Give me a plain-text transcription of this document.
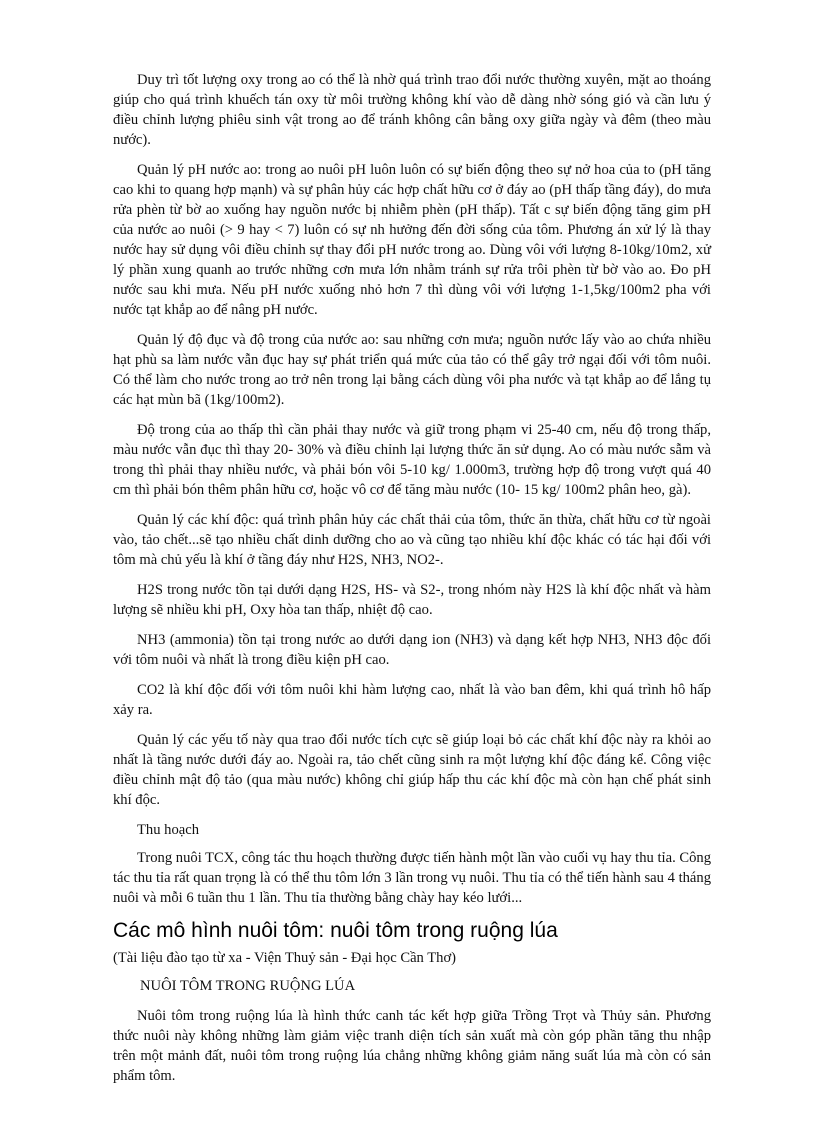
Duy trì tốt lượng oxy trong ao có thể là nhờ quá trình trao đổi nước thường xuyên, mặt ao thoáng giúp cho quá trình khuếch tán oxy từ môi trường không khí vào dễ dàng nhờ sóng gió và cần lưu ý điều chỉnh lượng phiêu sinh vật trong ao để tránh không cân bằng oxy giữa ngày và đêm (theo màu nước).

Quản lý pH nước ao: trong ao nuôi pH luôn luôn có sự biến động theo sự nở hoa của to (pH tăng cao khi to quang hợp mạnh) và sự phân hủy các hợp chất hữu cơ ở đáy ao (pH thấp tầng đáy), do mưa rửa phèn từ bờ ao xuống hay nguồn nước bị nhiễm phèn (pH thấp). Tất c sự biến động tăng gim pH của nước ao nuôi (> 9 hay < 7) luôn có sự nh hưởng đến đời sống của tôm. Phương án xử lý là thay nước hay sử dụng vôi điều chỉnh sự thay đổi pH nước trong ao. Dùng vôi với lượng 8-10kg/10m2, xử lý phần xung quanh ao trước những cơn mưa lớn nhằm tránh sự rửa trôi phèn từ bờ vào ao. Đo pH nước sau khi mưa. Nếu pH nước xuống nhỏ hơn 7 thì dùng vôi với lượng 1-1,5kg/100m2 pha với nước tạt khắp ao để nâng pH nước.

Quản lý độ đục và độ trong của nước ao: sau những cơn mưa; nguồn nước lấy vào ao chứa nhiều hạt phù sa làm nước vẫn đục hay sự phát triển quá mức của tảo có thể gây trở ngại đối với tôm nuôi. Có thể làm cho nước trong ao trở nên trong lại bằng cách dùng vôi pha nước và tạt khắp ao để lắng tụ các hạt mùn bã (1kg/100m2).

Độ trong của ao thấp thì cần phải thay nước và giữ trong phạm vi 25-40 cm, nếu độ trong thấp, màu nước vẫn đục thì thay 20- 30% và điều chỉnh lại lượng thức ăn sử dụng. Ao có màu nước sẫm và trong thì phải thay nhiều nước, và phải bón vôi 5-10 kg/ 1.000m3, trường hợp độ trong vượt quá 40 cm thì phải bón thêm phân hữu cơ, hoặc vô cơ để tăng màu nước (10- 15 kg/ 100m2 phân heo, gà).

Quản lý các khí độc: quá trình phân hủy các chất thải của tôm, thức ăn thừa, chất hữu cơ từ ngoài vào, tảo chết...sẽ tạo nhiều chất dinh dưỡng cho ao và cũng tạo nhiều khí độc khác có tác hại đối với tôm mà chủ yếu là khí ở tầng đáy như H2S, NH3, NO2-.

H2S trong nước tồn tại dưới dạng H2S, HS- và S2-, trong nhóm này H2S là khí độc nhất và hàm lượng sẽ nhiều khi pH, Oxy hòa tan thấp, nhiệt độ cao.

NH3 (ammonia) tồn tại trong nước ao dưới dạng ion (NH3) và dạng kết hợp NH3, NH3 độc đối với tôm nuôi và nhất là trong điều kiện pH cao.

CO2 là khí độc đối với tôm nuôi khi hàm lượng cao, nhất là vào ban đêm, khi quá trình hô hấp xảy ra.

Quản lý các yếu tố này qua trao đổi nước tích cực sẽ giúp loại bỏ các chất khí độc này ra khỏi ao nhất là tầng nước dưới đáy ao. Ngoài ra, tảo chết cũng sinh ra một lượng khí độc đáng kể. Công việc điều chỉnh mật độ tảo (qua màu nước) không chỉ giúp hấp thu các khí độc mà còn hạn chế phát sinh khí độc.

Thu hoạch

Trong nuôi TCX, công tác thu hoạch thường được tiến hành một lần vào cuối vụ hay thu tỉa. Công tác thu tỉa rất quan trọng là có thể thu tôm lớn 3 lần trong vụ nuôi. Thu tỉa có thể tiến hành sau 4 tháng nuôi và mỗi 6 tuần thu 1 lần. Thu tỉa thường bằng chày hay kéo lưới...

Các mô hình nuôi tôm: nuôi tôm trong ruộng lúa

(Tài liệu đào tạo từ xa - Viện Thuỷ sản - Đại học Cần Thơ)

NUÔI TÔM TRONG RUỘNG LÚA

Nuôi tôm trong ruộng lúa là hình thức canh tác kết hợp giữa Trồng Trọt và Thủy sản. Phương thức nuôi này không những làm giảm việc tranh diện tích sản xuất mà còn góp phần tăng thu nhập trên một mảnh đất, nuôi tôm trong ruộng lúa chẳng những không giảm năng suất lúa mà còn có sản phẩm tôm.
